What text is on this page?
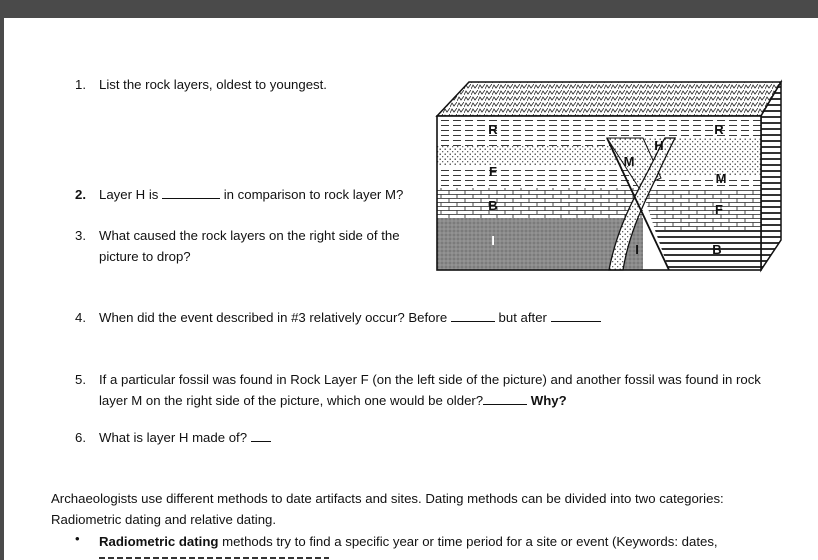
1. List the rock layers, oldest to youngest.
2. Layer H is	in comparison to rock layer M?
3. What caused the rock layers on the right side of the
picture to drop?
4. When did the event described in #3 relatively occur? Before	but after
5. If a particular fossil was found in Rock Layer F (on the left side of the picture) and another fossil was found in rock
layer M on the right side of the picture, which one would be older?	Why?
6. What is layer H made of?
Archaeologists use different methods to date artifacts and sites. Dating methods can be divided into two categories:
Radiometric dating and relative dating.
• Radiometric dating methods try to find a specific year or time period for a site or event (Keywords: dates,
R
F
B
I
R
M
F
B
I
H
M
